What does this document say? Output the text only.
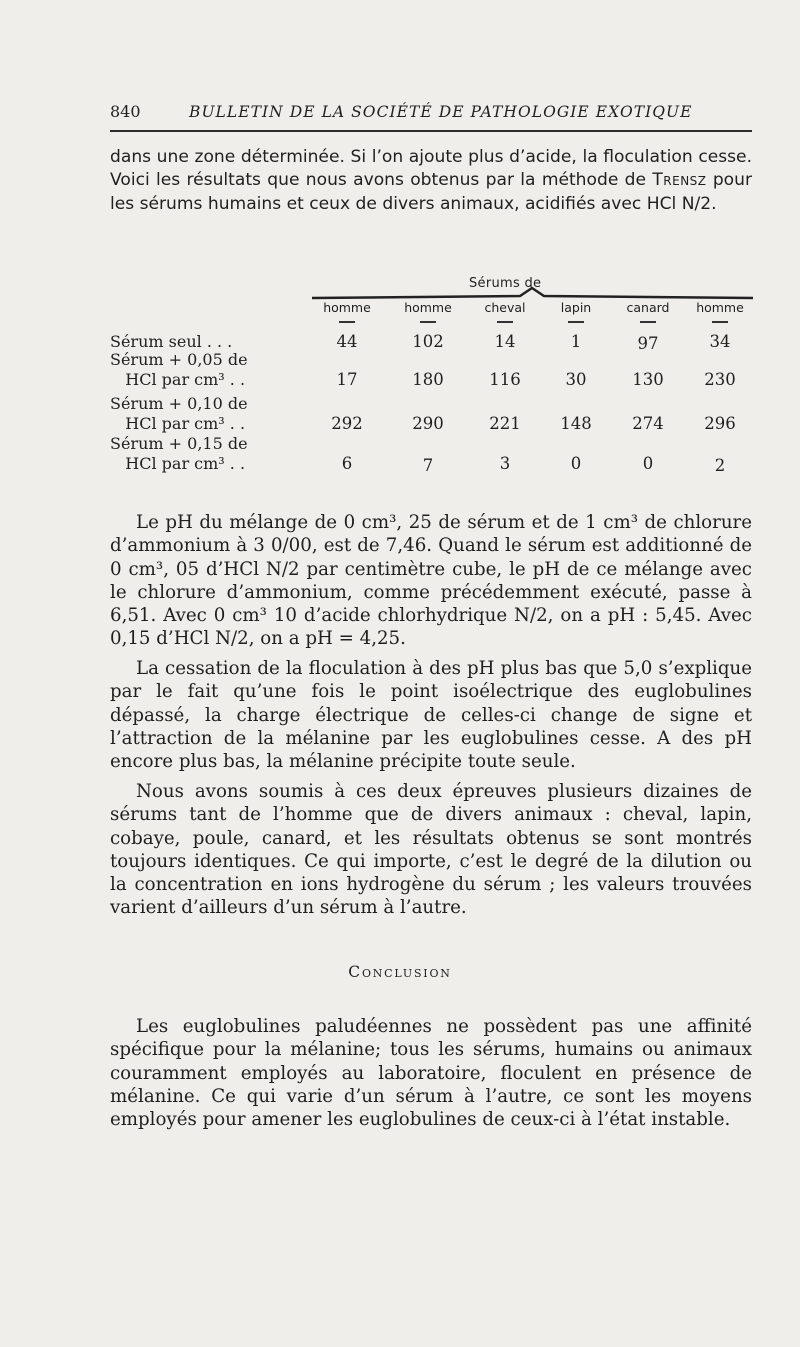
840	BULLETIN DE LA SOCIÉTÉ DE PATHOLOGIE EXOTIQUE

dans une zone déterminée. Si l’on ajoute plus d’acide, la floculation cesse. Voici les résultats que nous avons obtenus par la méthode de Trensz pour les sérums humains et ceux de divers animaux, acidifiés avec HCl N/2.

Sérums de
homme	homme	cheval	lapin	canard	homme
Sérum seul . . .	44	102	14	1	97	34
Sérum + 0,05 de
HCl par cm³ . .	17	180	116	30	130	230
Sérum + 0,10 de
HCl par cm³ . .	292	290	221	148	274	296
Sérum + 0,15 de
HCl par cm³ . .	6	7	3	0	0	2

Le pH du mélange de 0 cm³, 25 de sérum et de 1 cm³ de chlorure d’ammonium à 3 0/00, est de 7,46. Quand le sérum est additionné de 0 cm³, 05 d’HCl N/2 par centimètre cube, le pH de ce mélange avec le chlorure d’ammonium, comme précédemment exécuté, passe à 6,51. Avec 0 cm³ 10 d’acide chlorhydrique N/2, on a pH : 5,45. Avec 0,15 d’HCl N/2, on a pH = 4,25.

La cessation de la floculation à des pH plus bas que 5,0 s’explique par le fait qu’une fois le point isoélectrique des euglobulines dépassé, la charge électrique de celles-ci change de signe et l’attraction de la mélanine par les euglobulines cesse. A des pH encore plus bas, la mélanine précipite toute seule.

Nous avons soumis à ces deux épreuves plusieurs dizaines de sérums tant de l’homme que de divers animaux : cheval, lapin, cobaye, poule, canard, et les résultats obtenus se sont montrés toujours identiques. Ce qui importe, c’est le degré de la dilution ou la concentration en ions hydrogène du sérum ; les valeurs trouvées varient d’ailleurs d’un sérum à l’autre.

Conclusion

Les euglobulines paludéennes ne possèdent pas une affinité spécifique pour la mélanine; tous les sérums, humains ou animaux couramment employés au laboratoire, floculent en présence de mélanine. Ce qui varie d’un sérum à l’autre, ce sont les moyens employés pour amener les euglobulines de ceux-ci à l’état instable.
